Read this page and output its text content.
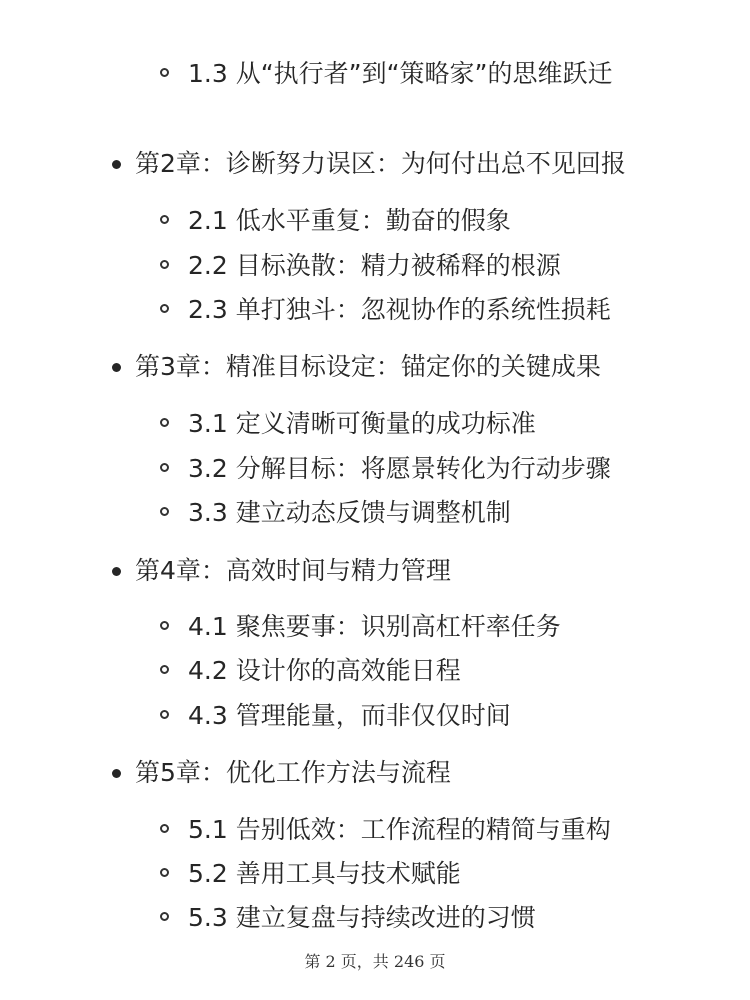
1.3 从“执行者”到“策略家”的思维跃迁
第2章：诊断努力误区：为何付出总不见回报
2.1 低水平重复：勤奋的假象
2.2 目标涣散：精力被稀释的根源
2.3 单打独斗：忽视协作的系统性损耗
第3章：精准目标设定：锚定你的关键成果
3.1 定义清晰可衡量的成功标准
3.2 分解目标：将愿景转化为行动步骤
3.3 建立动态反馈与调整机制
第4章：高效时间与精力管理
4.1 聚焦要事：识别高杠杆率任务
4.2 设计你的高效能日程
4.3 管理能量，而非仅仅时间
第5章：优化工作方法与流程
5.1 告别低效：工作流程的精简与重构
5.2 善用工具与技术赋能
5.3 建立复盘与持续改进的习惯
第 2 页，共 246 页
